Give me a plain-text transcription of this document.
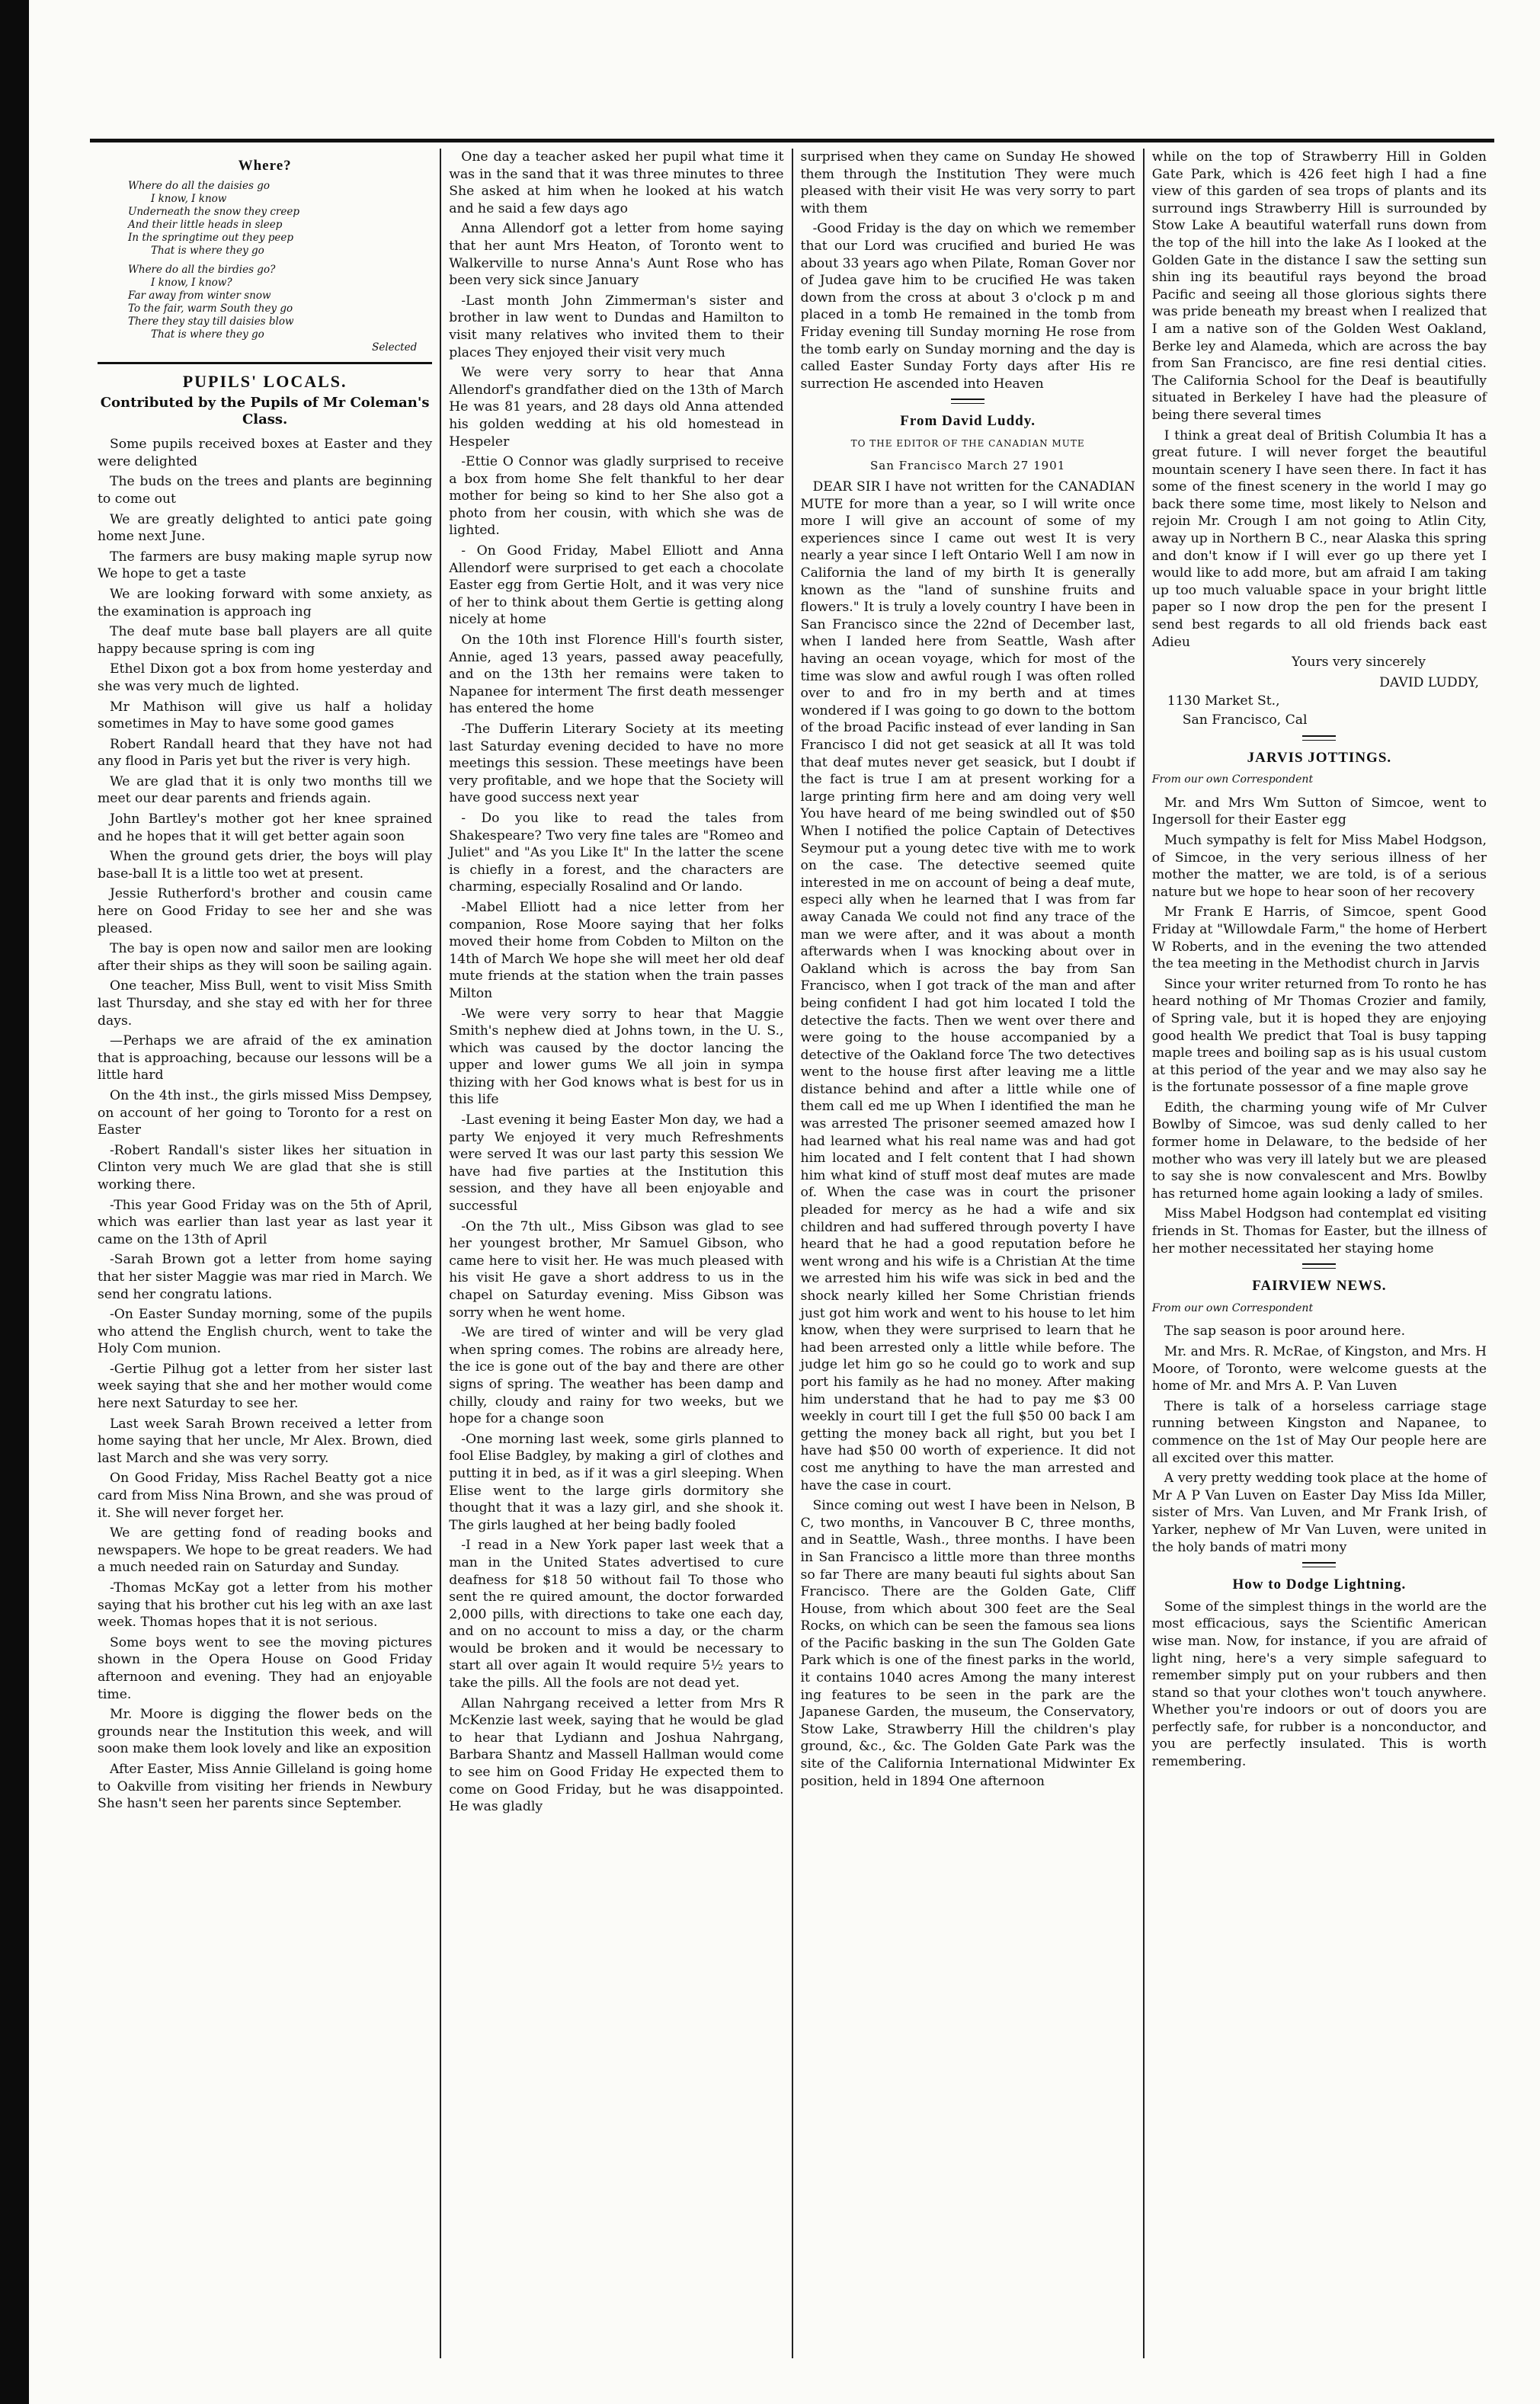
Where?
Where do all the daisies go
I know, I know
Underneath the snow they creep
And their little heads in sleep
In the springtime out they peep
That is where they go
Where do all the birdies go?
I know, I know?
Far away from winter snow
To the fair, warm South they go
There they stay till daisies blow
That is where they go
Selected
PUPILS' LOCALS.
Contributed by the Pupils of Mr Coleman's Class.

Some pupils received boxes at Easter and they were delighted

The buds on the trees and plants are beginning to come out

We are greatly delighted to antici pate going home next June.

The farmers are busy making maple syrup now We hope to get a taste

We are looking forward with some anxiety, as the examination is approach ing

The deaf mute base ball players are all quite happy because spring is com ing

Ethel Dixon got a box from home yesterday and she was very much de lighted.

Mr Mathison will give us half a holiday sometimes in May to have some good games

Robert Randall heard that they have not had any flood in Paris yet but the river is very high.

We are glad that it is only two months till we meet our dear parents and friends again.

John Bartley's mother got her knee sprained and he hopes that it will get better again soon

When the ground gets drier, the boys will play base-ball It is a little too wet at present.

Jessie Rutherford's brother and cousin came here on Good Friday to see her and she was pleased.

The bay is open now and sailor men are looking after their ships as they will soon be sailing again.

One teacher, Miss Bull, went to visit Miss Smith last Thursday, and she stay ed with her for three days.

—Perhaps we are afraid of the ex amination that is approaching, because our lessons will be a little hard

On the 4th inst., the girls missed Miss Dempsey, on account of her going to Toronto for a rest on Easter

-Robert Randall's sister likes her situation in Clinton very much We are glad that she is still working there.

-This year Good Friday was on the 5th of April, which was earlier than last year as last year it came on the 13th of April

-Sarah Brown got a letter from home saying that her sister Maggie was mar ried in March. We send her congratu lations.

-On Easter Sunday morning, some of the pupils who attend the English church, went to take the Holy Com munion.

-Gertie Pilhug got a letter from her sister last week saying that she and her mother would come here next Saturday to see her.

Last week Sarah Brown received a letter from home saying that her uncle, Mr Alex. Brown, died last March and she was very sorry.

On Good Friday, Miss Rachel Beatty got a nice card from Miss Nina Brown, and she was proud of it. She will never forget her.

We are getting fond of reading books and newspapers. We hope to be great readers. We had a much needed rain on Saturday and Sunday.

-Thomas McKay got a letter from his mother saying that his brother cut his leg with an axe last week. Thomas hopes that it is not serious.

Some boys went to see the moving pictures shown in the Opera House on Good Friday afternoon and evening. They had an enjoyable time.

Mr. Moore is digging the flower beds on the grounds near the Institution this week, and will soon make them look lovely and like an exposition

After Easter, Miss Annie Gilleland is going home to Oakville from visiting her friends in Newbury She hasn't seen her parents since September.

One day a teacher asked her pupil what time it was in the sand that it was three minutes to three She asked at him when he looked at his watch and he said a few days ago

Anna Allendorf got a letter from home saying that her aunt Mrs Heaton, of Toronto went to Walkerville to nurse Anna's Aunt Rose who has been very sick since January

-Last month John Zimmerman's sister and brother in law went to Dundas and Hamilton to visit many relatives who invited them to their places They enjoyed their visit very much

We were very sorry to hear that Anna Allendorf's grandfather died on the 13th of March He was 81 years, and 28 days old Anna attended his golden wedding at his old homestead in Hespeler

-Ettie O Connor was gladly surprised to receive a box from home She felt thankful to her dear mother for being so kind to her She also got a photo from her cousin, with which she was de lighted.

- On Good Friday, Mabel Elliott and Anna Allendorf were surprised to get each a chocolate Easter egg from Gertie Holt, and it was very nice of her to think about them Gertie is getting along nicely at home

On the 10th inst Florence Hill's fourth sister, Annie, aged 13 years, passed away peacefully, and on the 13th her remains were taken to Napanee for interment The first death messenger has entered the home

-The Dufferin Literary Society at its meeting last Saturday evening decided to have no more meetings this session. These meetings have been very profitable, and we hope that the Society will have good success next year

- Do you like to read the tales from Shakespeare? Two very fine tales are "Romeo and Juliet" and "As you Like It" In the latter the scene is chiefly in a forest, and the characters are charming, especially Rosalind and Or lando.

-Mabel Elliott had a nice letter from her companion, Rose Moore saying that her folks moved their home from Cobden to Milton on the 14th of March We hope she will meet her old deaf mute friends at the station when the train passes Milton

-We were very sorry to hear that Maggie Smith's nephew died at Johns town, in the U. S., which was caused by the doctor lancing the upper and lower gums We all join in sympa thizing with her God knows what is best for us in this life

-Last evening it being Easter Mon day, we had a party We enjoyed it very much Refreshments were served It was our last party this session We have had five parties at the Institution this session, and they have all been enjoyable and successful

-On the 7th ult., Miss Gibson was glad to see her youngest brother, Mr Samuel Gibson, who came here to visit her. He was much pleased with his visit He gave a short address to us in the chapel on Saturday evening. Miss Gibson was sorry when he went home.

-We are tired of winter and will be very glad when spring comes. The robins are already here, the ice is gone out of the bay and there are other signs of spring. The weather has been damp and chilly, cloudy and rainy for two weeks, but we hope for a change soon

-One morning last week, some girls planned to fool Elise Badgley, by making a girl of clothes and putting it in bed, as if it was a girl sleeping. When Elise went to the large girls dormitory she thought that it was a lazy girl, and she shook it. The girls laughed at her being badly fooled

-I read in a New York paper last week that a man in the United States advertised to cure deafness for $18 50 without fail To those who sent the re quired amount, the doctor forwarded 2,000 pills, with directions to take one each day, and on no account to miss a day, or the charm would be broken and it would be necessary to start all over again It would require 5½ years to take the pills. All the fools are not dead yet.

Allan Nahrgang received a letter from Mrs R McKenzie last week, saying that he would be glad to hear that Lydiann and Joshua Nahrgang, Barbara Shantz and Massell Hallman would come to see him on Good Friday He expected them to come on Good Friday, but he was disappointed. He was gladly

surprised when they came on Sunday He showed them through the Institution They were much pleased with their visit He was very sorry to part with them

-Good Friday is the day on which we remember that our Lord was crucified and buried He was about 33 years ago when Pilate, Roman Gover nor of Judea gave him to be crucified He was taken down from the cross at about 3 o'clock p m and placed in a tomb He remained in the tomb from Friday evening till Sunday morning He rose from the tomb early on Sunday morning and the day is called Easter Sunday Forty days after His re surrection He ascended into Heaven

From David Luddy.
TO THE EDITOR OF THE CANADIAN MUTE
San Francisco March 27 1901

DEAR SIR I have not written for the CANADIAN MUTE for more than a year, so I will write once more I will give an account of some of my experiences since I came out west It is very nearly a year since I left Ontario Well I am now in California the land of my birth It is generally known as the "land of sunshine fruits and flowers." It is truly a lovely country I have been in San Francisco since the 22nd of December last, when I landed here from Seattle, Wash after having an ocean voyage, which for most of the time was slow and awful rough I was often rolled over to and fro in my berth and at times wondered if I was going to go down to the bottom of the broad Pacific instead of ever landing in San Francisco I did not get seasick at all It was told that deaf mutes never get seasick, but I doubt if the fact is true I am at present working for a large printing firm here and am doing very well You have heard of me being swindled out of $50 When I notified the police Captain of Detectives Seymour put a young detec tive with me to work on the case. The detective seemed quite interested in me on account of being a deaf mute, especi ally when he learned that I was from far away Canada We could not find any trace of the man we were after, and it was about a month afterwards when I was knocking about over in Oakland which is across the bay from San Francisco, when I got track of the man and after being confident I had got him located I told the detective the facts. Then we went over there and were going to the house accompanied by a detective of the Oakland force The two detectives went to the house first after leaving me a little distance behind and after a little while one of them call ed me up When I identified the man he was arrested The prisoner seemed amazed how I had learned what his real name was and had got him located and I felt content that I had shown him what kind of stuff most deaf mutes are made of. When the case was in court the prisoner pleaded for mercy as he had a wife and six children and had suffered through poverty I have heard that he had a good reputation before he went wrong and his wife is a Christian At the time we arrested him his wife was sick in bed and the shock nearly killed her Some Christian friends just got him work and went to his house to let him know, when they were surprised to learn that he had been arrested only a little while before. The judge let him go so he could go to work and sup port his family as he had no money. After making him understand that he had to pay me $3 00 weekly in court till I get the full $50 00 back I am getting the money back all right, but you bet I have had $50 00 worth of experience. It did not cost me anything to have the man arrested and have the case in court.

Since coming out west I have been in Nelson, B C, two months, in Vancouver B C, three months, and in Seattle, Wash., three months. I have been in San Francisco a little more than three months so far There are many beauti ful sights about San Francisco. There are the Golden Gate, Cliff House, from which about 300 feet are the Seal Rocks, on which can be seen the famous sea lions of the Pacific basking in the sun The Golden Gate Park which is one of the finest parks in the world, it contains 1040 acres Among the many interest ing features to be seen in the park are the Japanese Garden, the museum, the Conservatory, Stow Lake, Strawberry Hill the children's play ground, &c., &c. The Golden Gate Park was the site of the California International Midwinter Ex position, held in 1894 One afternoon

while on the top of Strawberry Hill in Golden Gate Park, which is 426 feet high I had a fine view of this garden of sea trops of plants and its surround ings Strawberry Hill is surrounded by Stow Lake A beautiful waterfall runs down from the top of the hill into the lake As I looked at the Golden Gate in the distance I saw the setting sun shin ing its beautiful rays beyond the broad Pacific and seeing all those glorious sights there was pride beneath my breast when I realized that I am a native son of the Golden West Oakland, Berke ley and Alameda, which are across the bay from San Francisco, are fine resi dential cities. The California School for the Deaf is beautifully situated in Berkeley I have had the pleasure of being there several times

I think a great deal of British Columbia It has a great future. I will never forget the beautiful mountain scenery I have seen there. In fact it has some of the finest scenery in the world I may go back there some time, most likely to Nelson and rejoin Mr. Crough I am not going to Atlin City, away up in Northern B C., near Alaska this spring and don't know if I will ever go up there yet I would like to add more, but am afraid I am taking up too much valuable space in your bright little paper so I now drop the pen for the present I send best regards to all old friends back east Adieu

Yours very sincerely
DAVID LUDDY,
1130 Market St.,
San Francisco, Cal
JARVIS JOTTINGS.
From our own Correspondent

Mr. and Mrs Wm Sutton of Simcoe, went to Ingersoll for their Easter egg

Much sympathy is felt for Miss Mabel Hodgson, of Simcoe, in the very serious illness of her mother the matter, we are told, is of a serious nature but we hope to hear soon of her recovery

Mr Frank E Harris, of Simcoe, spent Good Friday at "Willowdale Farm," the home of Herbert W Roberts, and in the evening the two attended the tea meeting in the Methodist church in Jarvis

Since your writer returned from To ronto he has heard nothing of Mr Thomas Crozier and family, of Spring vale, but it is hoped they are enjoying good health We predict that Toal is busy tapping maple trees and boiling sap as is his usual custom at this period of the year and we may also say he is the fortunate possessor of a fine maple grove

Edith, the charming young wife of Mr Culver Bowlby of Simcoe, was sud denly called to her former home in Delaware, to the bedside of her mother who was very ill lately but we are pleased to say she is now convalescent and Mrs. Bowlby has returned home again looking a lady of smiles.

Miss Mabel Hodgson had contemplat ed visiting friends in St. Thomas for Easter, but the illness of her mother necessitated her staying home

FAIRVIEW NEWS.
From our own Correspondent

The sap season is poor around here.

Mr. and Mrs. R. McRae, of Kingston, and Mrs. H Moore, of Toronto, were welcome guests at the home of Mr. and Mrs A. P. Van Luven

There is talk of a horseless carriage stage running between Kingston and Napanee, to commence on the 1st of May Our people here are all excited over this matter.

A very pretty wedding took place at the home of Mr A P Van Luven on Easter Day Miss Ida Miller, sister of Mrs. Van Luven, and Mr Frank Irish, of Yarker, nephew of Mr Van Luven, were united in the holy bands of matri mony

How to Dodge Lightning.

Some of the simplest things in the world are the most efficacious, says the Scientific American wise man. Now, for instance, if you are afraid of light ning, here's a very simple safeguard to remember simply put on your rubbers and then stand so that your clothes won't touch anywhere. Whether you're indoors or out of doors you are perfectly safe, for rubber is a nonconductor, and you are perfectly insulated. This is worth remembering.
